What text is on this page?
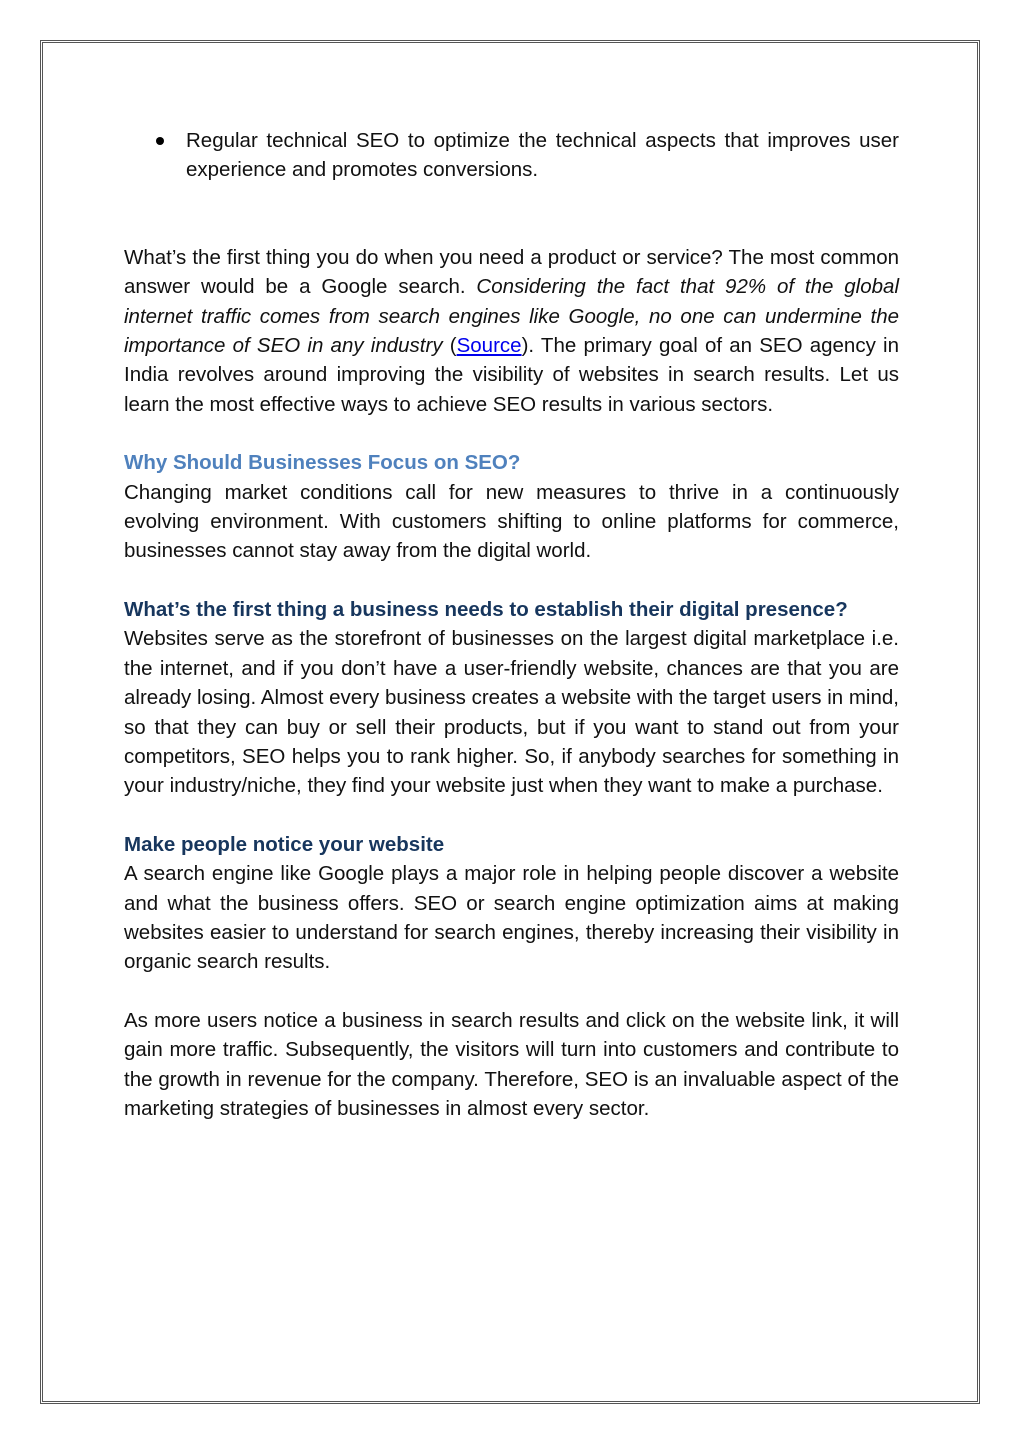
Regular technical SEO to optimize the technical aspects that improves user experience and promotes conversions.

What’s the first thing you do when you need a product or service? The most common answer would be a Google search. Considering the fact that 92% of the global internet traffic comes from search engines like Google, no one can undermine the importance of SEO in any industry (Source). The primary goal of an SEO agency in India revolves around improving the visibility of websites in search results. Let us learn the most effective ways to achieve SEO results in various sectors.

Why Should Businesses Focus on SEO?

Changing market conditions call for new measures to thrive in a continuously evolving environment. With customers shifting to online platforms for commerce, businesses cannot stay away from the digital world.

What’s the first thing a business needs to establish their digital presence?

Websites serve as the storefront of businesses on the largest digital marketplace i.e. the internet, and if you don’t have a user-friendly website, chances are that you are already losing. Almost every business creates a website with the target users in mind, so that they can buy or sell their products, but if you want to stand out from your competitors, SEO helps you to rank higher. So, if anybody searches for something in your industry/niche, they find your website just when they want to make a purchase.

Make people notice your website

A search engine like Google plays a major role in helping people discover a website and what the business offers. SEO or search engine optimization aims at making websites easier to understand for search engines, thereby increasing their visibility in organic search results.

As more users notice a business in search results and click on the website link, it will gain more traffic. Subsequently, the visitors will turn into customers and contribute to the growth in revenue for the company. Therefore, SEO is an invaluable aspect of the marketing strategies of businesses in almost every sector.
